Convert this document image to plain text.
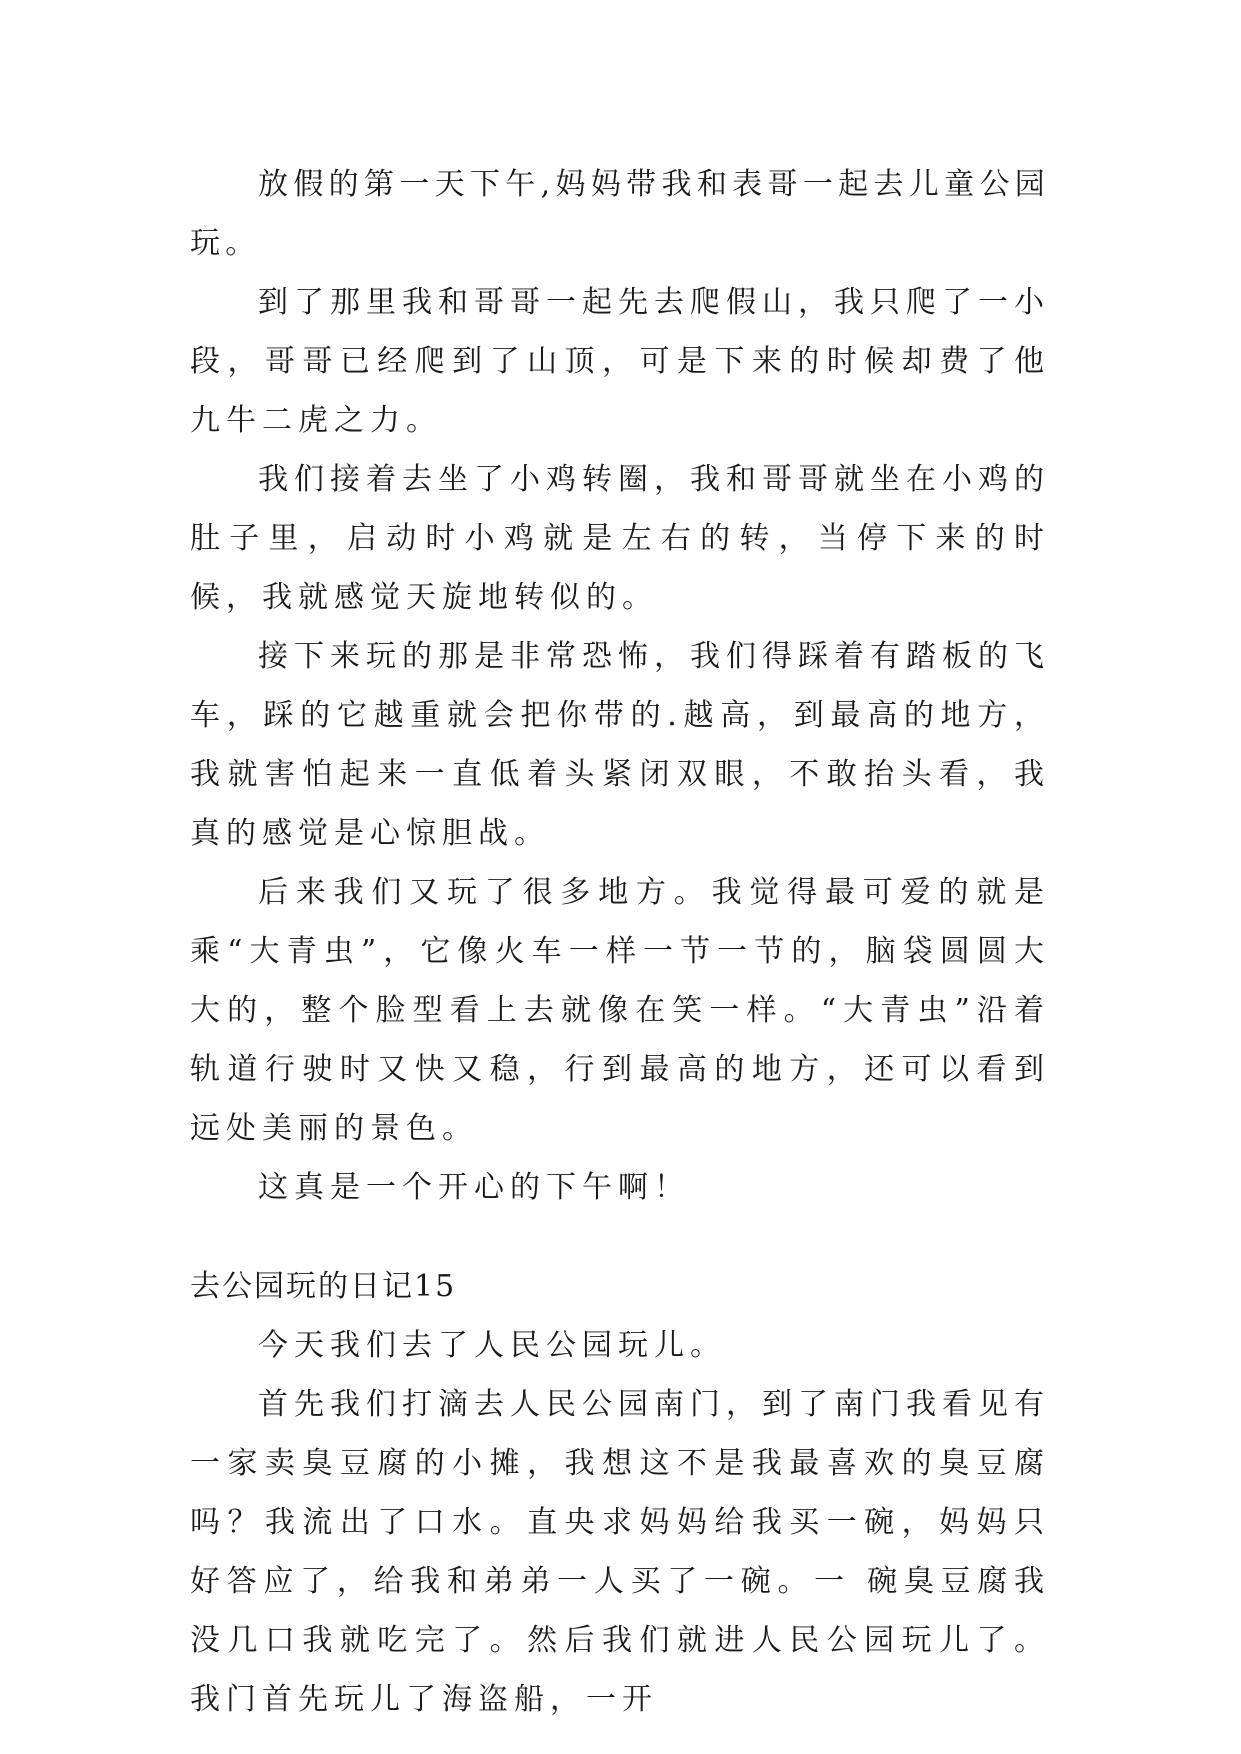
放假的第一天下午,妈妈带我和表哥一起去儿童公园玩。

到了那里我和哥哥一起先去爬假山，我只爬了一小段，哥哥已经爬到了山顶，可是下来的时候却费了他九牛二虎之力。

我们接着去坐了小鸡转圈，我和哥哥就坐在小鸡的肚子里，启动时小鸡就是左右的转，当停下来的时候，我就感觉天旋地转似的。

接下来玩的那是非常恐怖，我们得踩着有踏板的飞车，踩的它越重就会把你带的.越高，到最高的地方，我就害怕起来一直低着头紧闭双眼，不敢抬头看，我真的感觉是心惊胆战。

后来我们又玩了很多地方。我觉得最可爱的就是乘“大青虫”，它像火车一样一节一节的，脑袋圆圆大大的，整个脸型看上去就像在笑一样。“大青虫”沿着轨道行驶时又快又稳，行到最高的地方，还可以看到远处美丽的景色。

这真是一个开心的下午啊！

去公园玩的日记15

今天我们去了人民公园玩儿。

首先我们打滴去人民公园南门，到了南门我看见有一家卖臭豆腐的小摊，我想这不是我最喜欢的臭豆腐吗？我流出了口水。直央求妈妈给我买一碗，妈妈只好答应了，给我和弟弟一人买了一碗。一 碗臭豆腐我没几口我就吃完了。然后我们就进人民公园玩儿了。我门首先玩儿了海盗船，一开
